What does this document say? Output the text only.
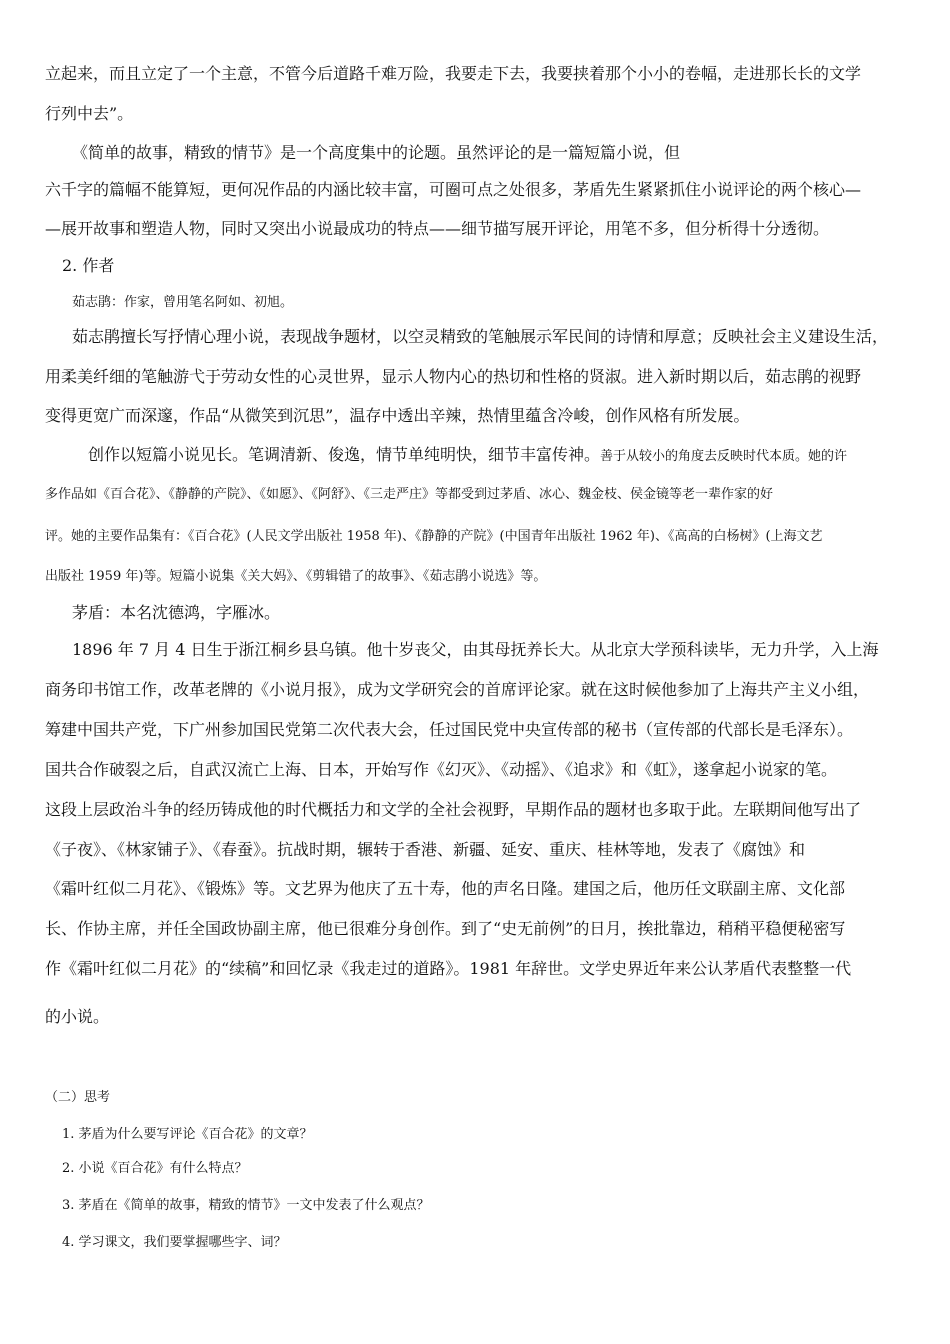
立起来，而且立定了一个主意，不管今后道路千难万险，我要走下去，我要挟着那个小小的卷幅，走进那长长的文学
行列中去”。
《简单的故事，精致的情节》是一个高度集中的论题。虽然评论的是一篇短篇小说，但
六千字的篇幅不能算短，更何况作品的内涵比较丰富，可圈可点之处很多，茅盾先生紧紧抓住小说评论的两个核心—
—展开故事和塑造人物，同时又突出小说最成功的特点——细节描写展开评论，用笔不多，但分析得十分透彻。
2. 作者
茹志鹃：作家，曾用笔名阿如、初旭。
茹志鹃擅长写抒情心理小说，表现战争题材，以空灵精致的笔触展示军民间的诗情和厚意；反映社会主义建设生活，
用柔美纤细的笔触游弋于劳动女性的心灵世界，显示人物内心的热切和性格的贤淑。进入新时期以后，茹志鹃的视野
变得更宽广而深邃，作品“从微笑到沉思”，温存中透出辛辣，热情里蕴含冷峻，创作风格有所发展。
创作以短篇小说见长。笔调清新、俊逸，情节单纯明快，细节丰富传神。善于从较小的角度去反映时代本质。她的许
多作品如《百合花》、《静静的产院》、《如愿》、《阿舒》、《三走严庄》等都受到过茅盾、冰心、魏金枝、侯金镜等老一辈作家的好
评。她的主要作品集有：《百合花》(人民文学出版社 1958 年)、《静静的产院》(中国青年出版社 1962 年)、《高高的白杨树》(上海文艺
出版社 1959 年)等。短篇小说集《关大妈》、《剪辑错了的故事》、《茹志鹃小说选》等。
茅盾：本名沈德鸿，字雁冰。
1896 年 7 月 4 日生于浙江桐乡县乌镇。他十岁丧父，由其母抚养长大。从北京大学预科读毕，无力升学，入上海
商务印书馆工作，改革老牌的《小说月报》，成为文学研究会的首席评论家。就在这时候他参加了上海共产主义小组，
筹建中国共产党，下广州参加国民党第二次代表大会，任过国民党中央宣传部的秘书（宣传部的代部长是毛泽东）。
国共合作破裂之后，自武汉流亡上海、日本，开始写作《幻灭》、《动摇》、《追求》和《虹》，遂拿起小说家的笔。
这段上层政治斗争的经历铸成他的时代概括力和文学的全社会视野，早期作品的题材也多取于此。左联期间他写出了
《子夜》、《林家铺子》、《春蚕》。抗战时期，辗转于香港、新疆、延安、重庆、桂林等地，发表了《腐蚀》和
《霜叶红似二月花》、《锻炼》等。文艺界为他庆了五十寿，他的声名日隆。建国之后，他历任文联副主席、文化部
长、作协主席，并任全国政协副主席，他已很难分身创作。到了“史无前例”的日月，挨批靠边，稍稍平稳便秘密写
作《霜叶红似二月花》的“续稿”和回忆录《我走过的道路》。1981 年辞世。文学史界近年来公认茅盾代表整整一代
的小说。
（二）思考
1. 茅盾为什么要写评论《百合花》的文章？
2. 小说《百合花》有什么特点？
3. 茅盾在《简单的故事，精致的情节》一文中发表了什么观点？
4. 学习课文，我们要掌握哪些字、词？
